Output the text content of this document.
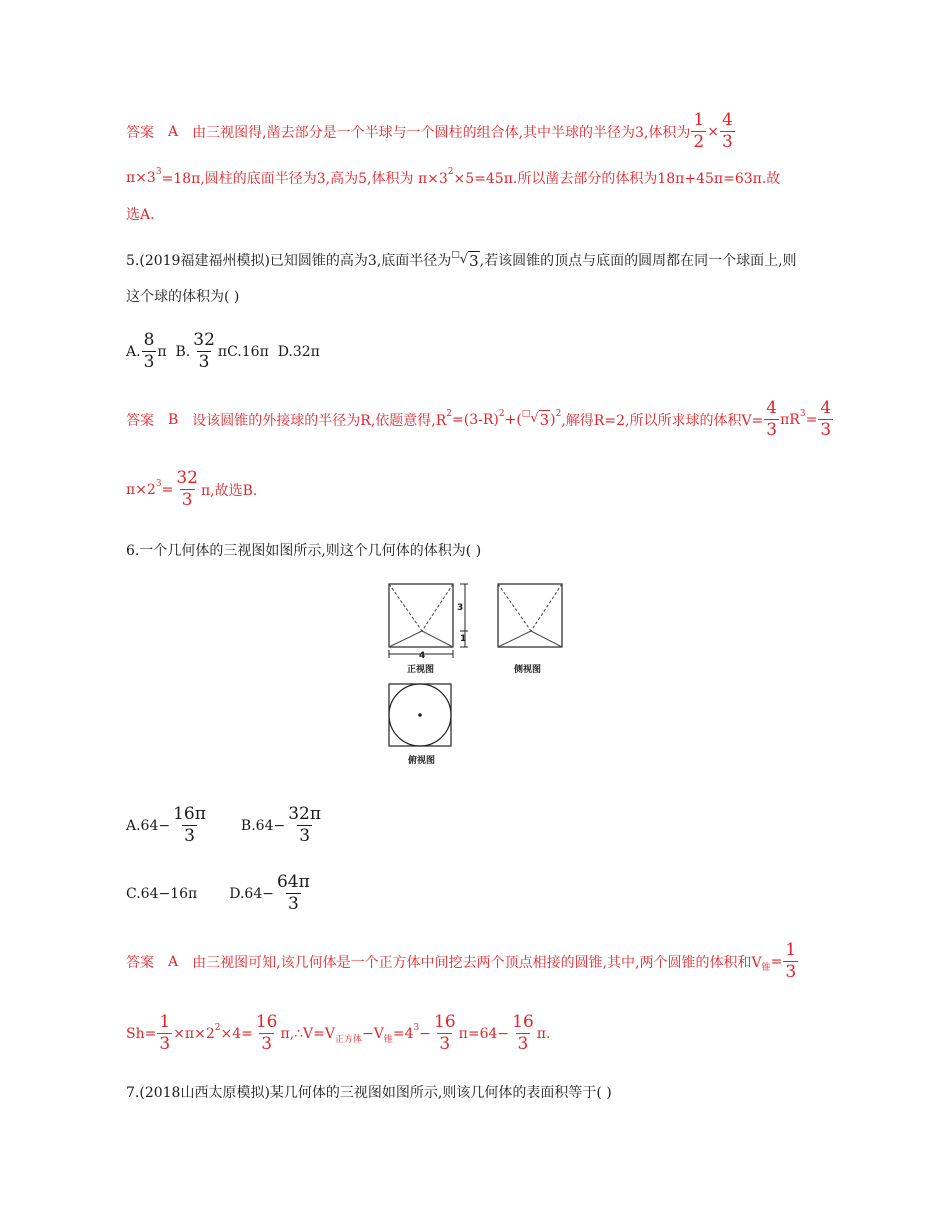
答案 A 由三视图得,凿去部分是一个半球与一个圆柱的组合体,其中半球的半径为3,体积为 $\frac{1}{2} \times \frac{4}{3}$
π×3 3 =18π,圆柱的底面半径为3,高为5,体积为 π×3 2 ×5=45π.所以凿去部分的体积为18π+45π=63π.故
选A.
5.(2019福建福州模拟)已知圆锥的高为3,底面半径为 □√ 3 ,若该圆锥的顶点与底面的圆周都在同一个球面上,则
这个球的体积为( )
A. $\frac{8}{3}$ π
B. $\frac{32}{3} \pi C.16\pi$
D.32π
答案 B 设该圆锥的外接球的半径为R,依题意得,R 2 =(3-R) 2 +( □√ 3 ) 2 ,解得R=2,所以所求球的体积$V= \frac{4}{3}$ πR $3 = \frac{4}{3}$
π×2 $3 = \frac{32}{3} \pi$,故选B.
6.一个几何体的三视图如图所示,则这个几何体的体积为( )
3
1
4
正视图	侧视图
俯视图
$A.64- \frac{16\pi}{3} B.64- \frac{32\pi}{3}$
C.64−16π $D.64- \frac{64\pi}{3}$
答案 A 由三视图可知,该几何体是一个正方体中间挖去两个顶点相接的圆锥,其中,两个圆锥的体积和V 锥 = $\frac{1}{3}$
$Sh= \frac{1}{3} \times\pi\times 2$ $2 \times 4= \frac{16}{3}$ π,∴V=V 正方体 −V 锥 =4 $3 - \frac{16}{3} \pi=64- \frac{16}{3} \pi$.
7.(2018山西太原模拟)某几何体的三视图如图所示,则该几何体的表面积等于( )
